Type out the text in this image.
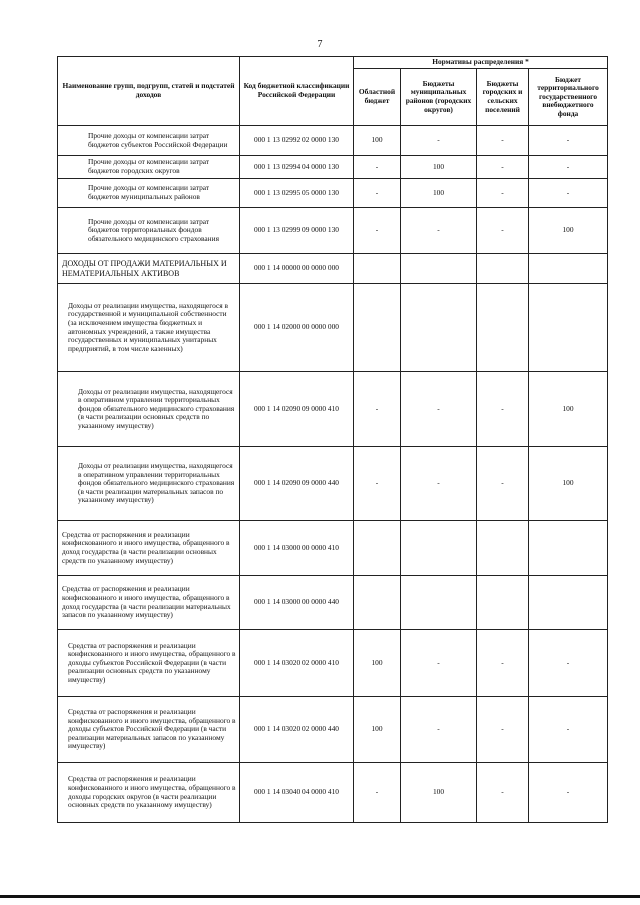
7
Наименование групп, подгрупп, статей и подстатей доходов	Код бюджетной классификации Российской Федерации	Нормативы распределения *			
		Областной бюджет	Бюджеты муниципальных районов (городских округов)	Бюджеты городских и сельских поселений	Бюджет территориального государственного внебюджетного фонда
Прочие доходы от компенсации затрат бюджетов субъектов Российской Федерации	000 1 13 02992 02 0000 130	100	-	-	-
Прочие доходы от компенсации затрат бюджетов городских округов	000 1 13 02994 04 0000 130	-	100	-	-
Прочие доходы от компенсации затрат бюджетов муниципальных районов	000 1 13 02995 05 0000 130	-	100	-	-
Прочие доходы от компенсации затрат бюджетов территориальных фондов обязательного медицинского страхования	000 1 13 02999 09 0000 130	-	-	-	100
ДОХОДЫ ОТ ПРОДАЖИ МАТЕРИАЛЬНЫХ И НЕМАТЕРИАЛЬНЫХ АКТИВОВ	000 1 14 00000 00 0000 000				
Доходы от реализации имущества, находящегося в государственной и муниципальной собственности (за исключением имущества бюджетных и автономных учреждений, а также имущества государственных и муниципальных унитарных предприятий, в том числе казенных)	000 1 14 02000 00 0000 000				
Доходы от реализации имущества, находящегося в оперативном управлении территориальных фондов обязательного медицинского страхования (в части реализации основных средств по указанному имуществу)	000 1 14 02090 09 0000 410	-	-	-	100
Доходы от реализации имущества, находящегося в оперативном управлении территориальных фондов обязательного медицинского страхования (в части реализации материальных запасов по указанному имуществу)	000 1 14 02090 09 0000 440	-	-	-	100
Средства от распоряжения и реализации конфискованного и иного имущества, обращенного в доход государства (в части реализации основных средств по указанному имуществу)	000 1 14 03000 00 0000 410				
Средства от распоряжения и реализации конфискованного и иного имущества, обращенного в доход государства (в части реализации материальных запасов по указанному имуществу)	000 1 14 03000 00 0000 440				
Средства от распоряжения и реализации конфискованного и иного имущества, обращенного в доходы субъектов Российской Федерации (в части реализации основных средств по указанному имуществу)	000 1 14 03020 02 0000 410	100	-	-	-
Средства от распоряжения и реализации конфискованного и иного имущества, обращенного в доходы субъектов Российской Федерации (в части реализации материальных запасов по указанному имуществу)	000 1 14 03020 02 0000 440	100	-	-	-
Средства от распоряжения и реализации конфискованного и иного имущества, обращенного в доходы городских округов (в части реализации основных средств по указанному имуществу)	000 1 14 03040 04 0000 410	-	100	-	-
